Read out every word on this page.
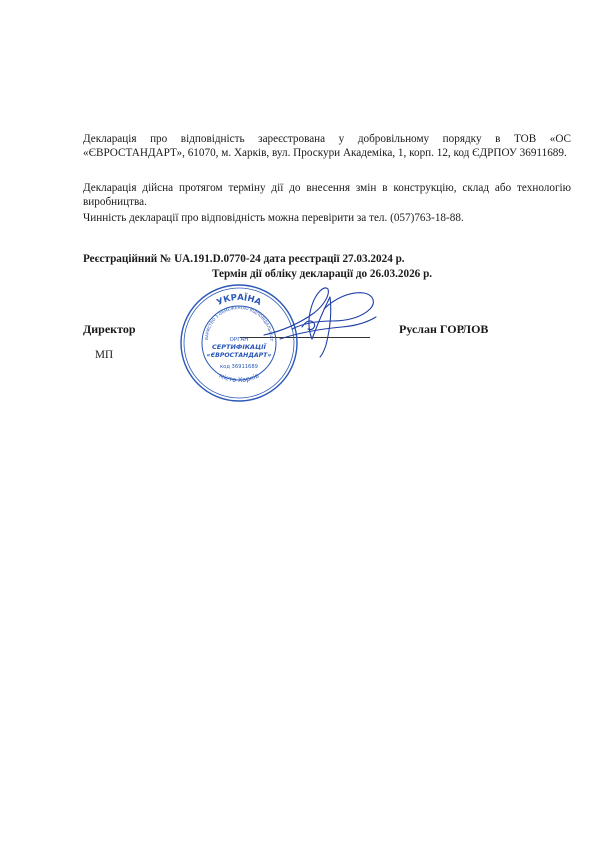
Декларація про відповідність зареєстрована у добровільному порядку в ТОВ «ОС «ЄВРОСТАНДАРТ», 61070, м. Харків, вул. Проскури Академіка, 1, корп. 12, код ЄДРПОУ 36911689.
Декларація дійсна протягом терміну дії до внесення змін в конструкцію, склад або технологію виробництва.
Чинність декларації про відповідність можна перевірити за тел. (057)763-18-88.
Реєстраційний № UA.191.D.0770-24 дата реєстрації 27.03.2024 р.
Термін дії обліку декларації до 26.03.2026 р.
Директор	Руслан ГОРЛОВ
МП
УКРАЇНА
місто Харків
ВАРИСТВО З ОБМЕЖЕНОЮ ВІДПОВІДАЛЬНІСТ
ОРГАН
СЕРТИФІКАЦІЇ
«ЄВРОСТАНДАРТ»
код 36911689
